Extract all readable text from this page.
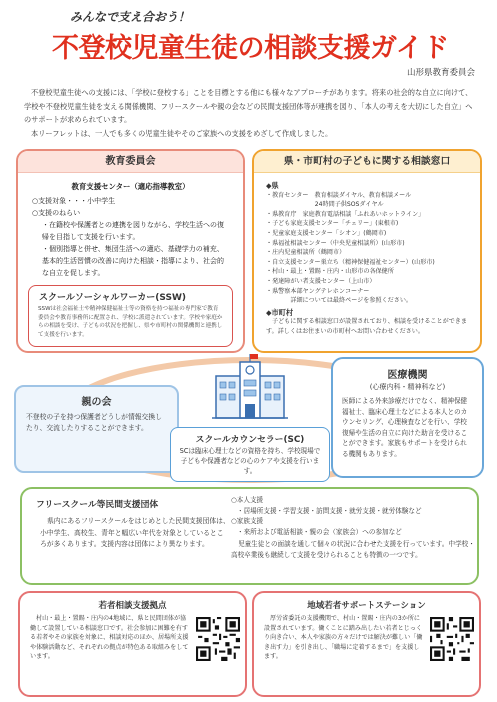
みんなで支え合おう！
不登校児童生徒の相談支援ガイド
山形県教育委員会

不登校児童生徒への支援には、「学校に登校する」ことを目標とする他にも様々なアプローチがあります。将来の社会的な自立に向けて、学校や不登校児童生徒を支える関係機関、フリースクールや親の会などの民間支援団体等が連携を図り、「本人の考えを大切にした自立」へのサポートが求められています。

本リーフレットは、一人でも多くの児童生徒やそのご家族への支援をめざして作成しました。

教育委員会
教育支援センター（適応指導教室）
○支援対象・・・小中学生
○支援のねらい
・在籍校や保護者との連携を図りながら、学校生活への復帰を目指して支援を行います。
・個別指導と併せ、集団生活への適応、基礎学力の補充、基本的生活習慣の改善に向けた相談・指導により、社会的な自立を促します。
スクールソーシャルワーカー(SSW)
SSWは社会福祉士や精神保健福祉士等の資格を持つ福祉の専門家で教育委員会や教育事務所に配置され、学校に派遣されています。学校や家庭からの相談を受け、子どもの状況を把握し、県や市町村の関係機関と連携して支援を行います。
県・市町村の子どもに関する相談窓口
◆県
・教育センター　教育相談ダイヤル、教育相談メール
　　　　　　　　24時間子供SOSダイヤル
・県教育庁　家庭教育電話相談「ふれあいホットライン」
・子ども家庭支援センター「チェリー」(東根市)
・児童家庭支援センター「シオン」(鶴岡市)
・県福祉相談センター（中央児童相談所）(山形市)
・庄内児童相談所（鶴岡市）
・自立支援センター巣立ち（精神保健福祉センター）(山形市)
・村山・最上・置賜・庄内・山形市の各保健所
・発達障がい者支援センター（上山市）
・県警察本部ヤングテレホンコーナー
　　　　詳細については最終ページを参照ください。
◆市町村
子どもに関する相談窓口が設置されており、相談を受けることができます。詳しくはお住まいの市町村へお問い合わせください。
親の会
不登校の子を持つ保護者どうしが情報交換したり、交流したりすることができます。
医療機関
(心療内科・精神科など)
医師による外来診療だけでなく、精神保健福祉士、臨床心理士などによる本人とのカウンセリング、心理検査などを行い、学校復帰や生活の自立に向けた助言を受けることができます。家族もサポートを受けられる機関もあります。
スクールカウンセラー(SC)
SCは臨床心理士などの資格を持ち、学校現場で子どもや保護者などの心のケアや支援を行います。
フリースクール等民間支援団体
県内にあるフリースクールをはじめとした民間支援団体は、小中学生、高校生、青年と幅広い年代を対象としているところが多くあります。支援内容は団体により異なります。
○本人支援
・居場所支援・学習支援・訪問支援・就労支援・就労体験など
○家族支援
・来所および電話相談・親の会（家族会）への参加など
児童生徒との面談を通して個々の状況に合わせた支援を行っています。中学校・高校卒業後も継続して支援を受けられることも特徴の一つです。
若者相談支援拠点
村山・最上・置賜・庄内の4地域に、県と民間団体が協働して設置している相談窓口です。社会参加に困難を有する若者やその家族を対象に、相談対応のほか、居場所支援や体験活動など、それぞれの拠点が特色ある取組みをしています。
地域若者サポートステーション
厚労省委託の支援機関で、村山・置賜・庄内の3か所に設置されています。働くことに踏み出したい若者とじっくり向き合い、本人や家族の方々だけでは解決が難しい「働き出す力」を引き出し、「職場に定着するまで」を支援します。
